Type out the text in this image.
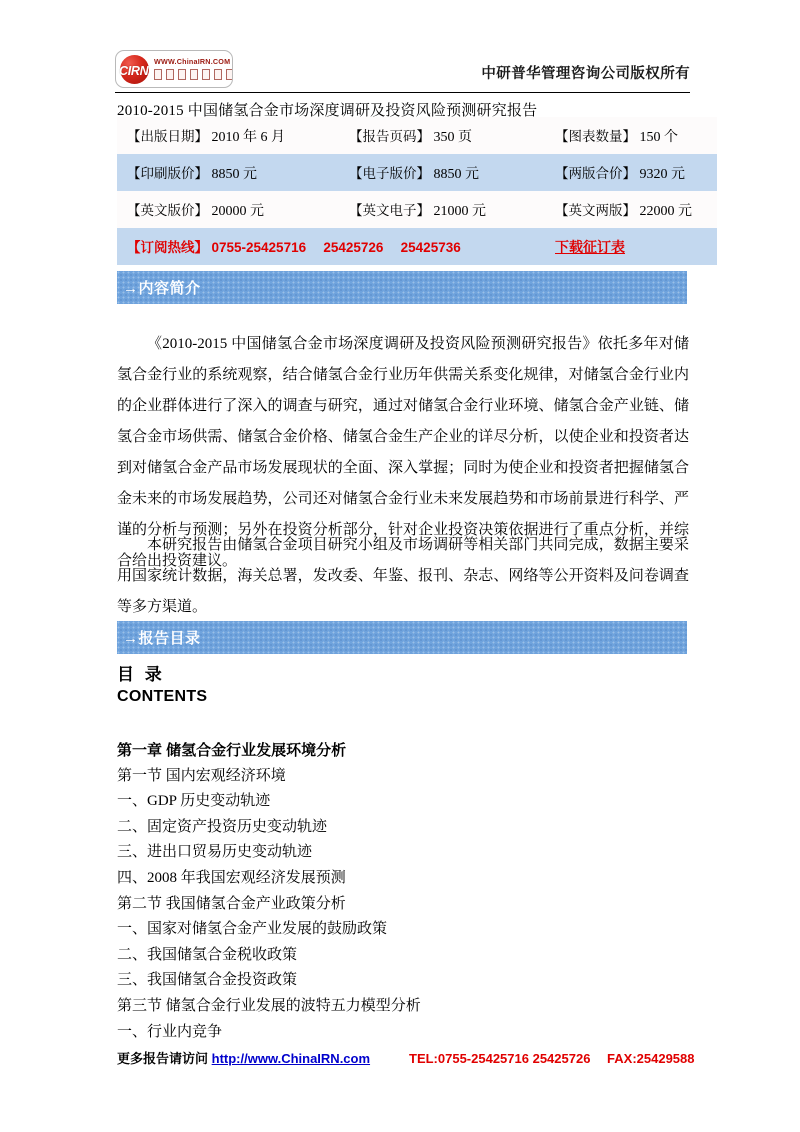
CIRN
WWW.ChinaIRN.COM
中研普华管理咨询公司版权所有
2010-2015 中国储氢合金市场深度调研及投资风险预测研究报告
【出版日期】 2010 年 6 月	【报告页码】 350 页	【图表数量】 150 个
【印刷版价】 8850 元	【电子版价】 8850 元	【两版合价】 9320 元
【英文版价】 20000 元	【英文电子】 21000 元	【英文两版】 22000 元
【订阅热线】 0755-25425716　 25425726　 25425736		下载征订表
→内容简介

《2010-2015 中国储氢合金市场深度调研及投资风险预测研究报告》依托多年对储氢合金行业的系统观察，结合储氢合金行业历年供需关系变化规律，对储氢合金行业内的企业群体进行了深入的调查与研究，通过对储氢合金行业环境、储氢合金产业链、储氢合金市场供需、储氢合金价格、储氢合金生产企业的详尽分析，以使企业和投资者达到对储氢合金产品市场发展现状的全面、深入掌握；同时为使企业和投资者把握储氢合金未来的市场发展趋势，公司还对储氢合金行业未来发展趋势和市场前景进行科学、严谨的分析与预测；另外在投资分析部分，针对企业投资决策依据进行了重点分析，并综合给出投资建议。

本研究报告由储氢合金项目研究小组及市场调研等相关部门共同完成，数据主要采用国家统计数据，海关总署，发改委、年鉴、报刊、杂志、网络等公开资料及问卷调查等多方渠道。

→报告目录
目 录
CONTENTS
第一章 储氢合金行业发展环境分析
第一节 国内宏观经济环境
一、GDP 历史变动轨迹
二、固定资产投资历史变动轨迹
三、进出口贸易历史变动轨迹
四、2008 年我国宏观经济发展预测
第二节 我国储氢合金产业政策分析
一、国家对储氢合金产业发展的鼓励政策
二、我国储氢合金税收政策
三、我国储氢合金投资政策
第三节 储氢合金行业发展的波特五力模型分析
一、行业内竞争
更多报告请访问 http://www.ChinaIRN.com	TEL:0755-25425716 25425726　 FAX:25429588
